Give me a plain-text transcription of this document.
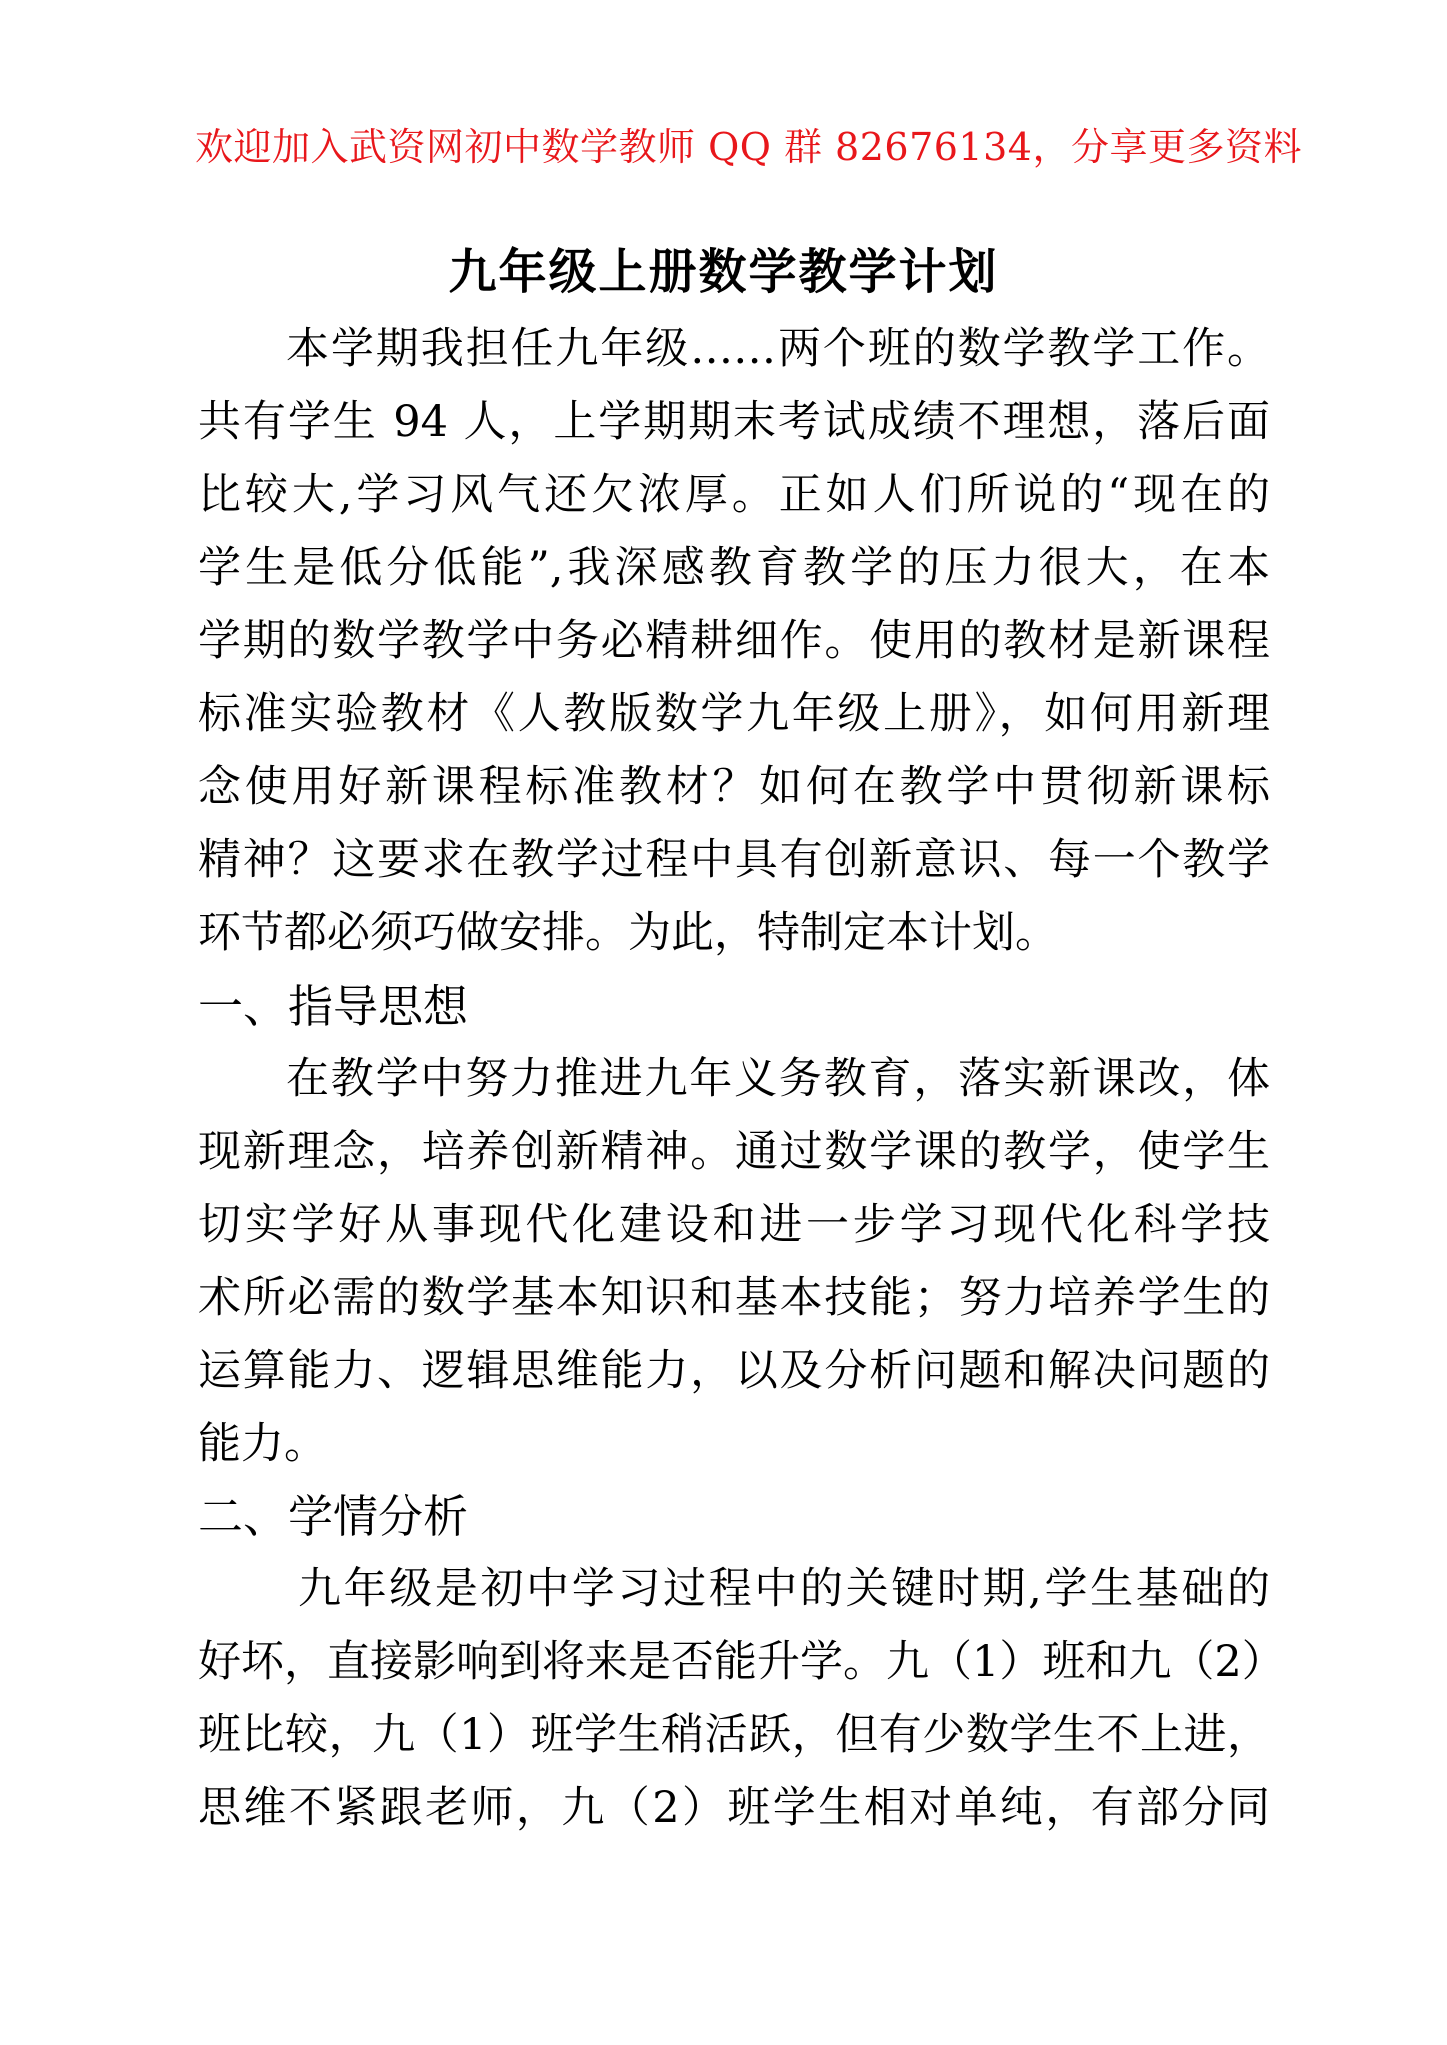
欢迎加入武资网初中数学教师 QQ 群 82676134，分享更多资料
九年级上册数学教学计划
本学期我担任九年级……两个班的数学教学工作。
共有学生 94 人，上学期期末考试成绩不理想，落后面
比较大,学习风气还欠浓厚。正如人们所说的“现在的
学生是低分低能”,我深感教育教学的压力很大，在本
学期的数学教学中务必精耕细作。使用的教材是新课程
标准实验教材《人教版数学九年级上册》，如何用新理
念使用好新课程标准教材？如何在教学中贯彻新课标
精神？这要求在教学过程中具有创新意识、每一个教学
环节都必须巧做安排。为此，特制定本计划。
一、指导思想
在教学中努力推进九年义务教育，落实新课改，体
现新理念，培养创新精神。通过数学课的教学，使学生
切实学好从事现代化建设和进一步学习现代化科学技
术所必需的数学基本知识和基本技能；努力培养学生的
运算能力、逻辑思维能力，以及分析问题和解决问题的
能力。
二、学情分析
九年级是初中学习过程中的关键时期,学生基础的
好坏，直接影响到将来是否能升学。九（1）班和九（2）
班比较，九（1）班学生稍活跃，但有少数学生不上进，
思维不紧跟老师，九（2）班学生相对单纯，有部分同
